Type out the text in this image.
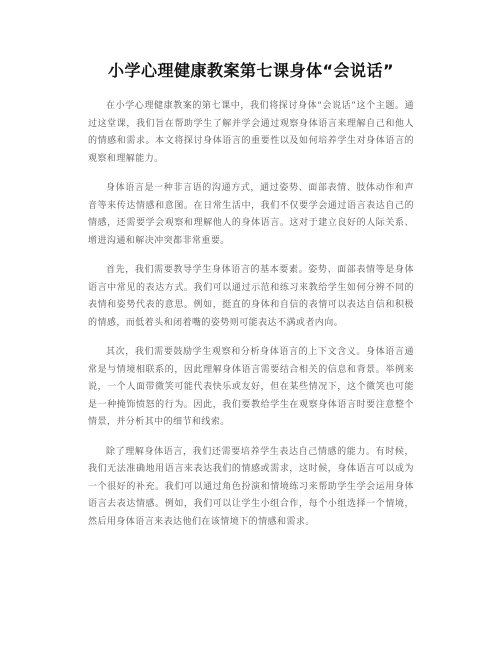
小学心理健康教案第七课身体“会说话”

在小学心理健康教案的第七课中，我们将探讨身体“会说话”这个主题。通过这堂课，我们旨在帮助学生了解并学会通过观察身体语言来理解自己和他人的情感和需求。本文将探讨身体语言的重要性以及如何培养学生对身体语言的观察和理解能力。

身体语言是一种非言语的沟通方式，通过姿势、面部表情、肢体动作和声音等来传达情感和意图。在日常生活中，我们不仅要学会通过语言表达自己的情感，还需要学会观察和理解他人的身体语言。这对于建立良好的人际关系、增进沟通和解决冲突都非常重要。

首先，我们需要教导学生身体语言的基本要素。姿势、面部表情等是身体语言中常见的表达方式。我们可以通过示范和练习来教给学生如何分辨不同的表情和姿势代表的意思。例如，挺直的身体和自信的表情可以表达自信和积极的情感，而低着头和闭着嘴的姿势则可能表达不满或者内向。

其次，我们需要鼓励学生观察和分析身体语言的上下文含义。身体语言通常是与情境相联系的，因此理解身体语言需要结合相关的信息和背景。举例来说，一个人面带微笑可能代表快乐或友好，但在某些情况下，这个微笑也可能是一种掩饰愤怒的行为。因此，我们要教给学生在观察身体语言时要注意整个情景，并分析其中的细节和线索。

除了理解身体语言，我们还需要培养学生表达自己情感的能力。有时候，我们无法准确地用语言来表达我们的情感或需求，这时候，身体语言可以成为一个很好的补充。我们可以通过角色扮演和情境练习来帮助学生学会运用身体语言去表达情感。例如，我们可以让学生小组合作，每个小组选择一个情境，然后用身体语言来表达他们在该情境下的情感和需求。
